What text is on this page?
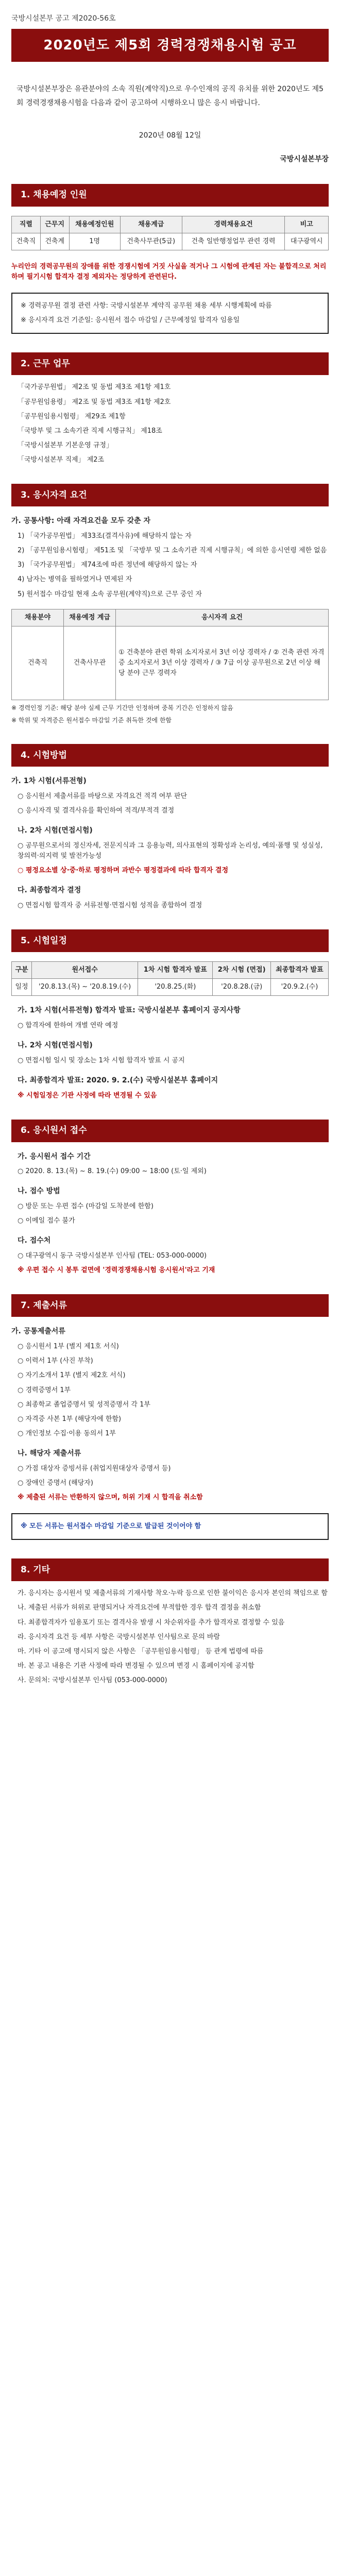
국방시설본부 공고 제2020-56호
2020년도 제5회 경력경쟁채용시험 공고
국방시설본부장은 유관분야의 소속 직원(계약직)으로 우수인재의 공직 유치를 위한 2020년도 제5회 경력경쟁채용시험을 다음과 같이 공고하여 시행하오니 많은 응시 바랍니다.
2020년 08월 12일
국방시설본부장
1. 채용예정 인원
직렬	근무지	채용예정인원	채용계급	경력채용요건	비고
건축직	건축계	1명	건축사무관(5급)	건축 일반행정업무 관련 경력	대구광역시
누리안의 경력공무원의 장애를 위한 경쟁시험에 거짓 사실을 적거나 그 시험에 관계된 자는 불합격으로 처리하며 필기시험 합격자 결정 제외자는 정당하게 관련된다.
※ 경력공무원 결정 관련 사항: 국방시설본부 계약직 공무원 채용 세부 시행계획에 따름
※ 응시자격 요건 기준일: 응시원서 접수 마감일 / 근무예정일 합격자 임용일
2. 근무 업무
「국가공무원법」 제2조 및 동법 제3조 제1항 제1호
「공무원임용령」 제2조 및 동법 제3조 제1항 제2호
「공무원임용시험령」 제29조 제1항
「국방부 및 그 소속기관 직제 시행규칙」 제18조
「국방시설본부 기본운영 규정」
「국방시설본부 직제」 제2조
3. 응시자격 요건
가. 공통사항: 아래 자격요건을 모두 갖춘 자
1) 「국가공무원법」 제33조(결격사유)에 해당하지 않는 자
2) 「공무원임용시험령」 제51조 및 「국방부 및 그 소속기관 직제 시행규칙」에 의한 응시연령 제한 없음
3) 「국가공무원법」 제74조에 따른 정년에 해당하지 않는 자
4) 남자는 병역을 필하였거나 면제된 자
5) 원서접수 마감일 현재 소속 공무원(계약직)으로 근무 중인 자
채용분야	채용예정 계급	응시자격 요건
건축직	건축사무관	① 건축분야 관련 학위 소지자로서 3년 이상 경력자 / ② 건축 관련 자격증 소지자로서 3년 이상 경력자 / ③ 7급 이상 공무원으로 2년 이상 해당 분야 근무 경력자
※ 경력인정 기준: 해당 분야 실제 근무 기간만 인정하며 중복 기간은 인정하지 않음
※ 학위 및 자격증은 원서접수 마감일 기준 취득한 것에 한함
4. 시험방법
가. 1차 시험(서류전형)
○ 응시원서 제출서류를 바탕으로 자격요건 적격 여부 판단
○ 응시자격 및 결격사유를 확인하여 적격/부적격 결정
나. 2차 시험(면접시험)
○ 공무원으로서의 정신자세, 전문지식과 그 응용능력, 의사표현의 정확성과 논리성, 예의·품행 및 성실성, 창의력·의지력 및 발전가능성
○ 평정요소별 상·중·하로 평정하며 과반수 평정결과에 따라 합격자 결정
다. 최종합격자 결정
○ 면접시험 합격자 중 서류전형·면접시험 성적을 종합하여 결정
5. 시험일정
구분	원서접수	1차 시험 합격자 발표	2차 시험 (면접)	최종합격자 발표
일정	'20.8.13.(목) ~ '20.8.19.(수)	'20.8.25.(화)	'20.8.28.(금)	'20.9.2.(수)
가. 1차 시험(서류전형) 합격자 발표: 국방시설본부 홈페이지 공지사항
○ 합격자에 한하여 개별 연락 예정
나. 2차 시험(면접시험)
○ 면접시험 일시 및 장소는 1차 시험 합격자 발표 시 공지
다. 최종합격자 발표: 2020. 9. 2.(수) 국방시설본부 홈페이지
※ 시험일정은 기관 사정에 따라 변경될 수 있음
6. 응시원서 접수
가. 응시원서 접수 기간
○ 2020. 8. 13.(목) ~ 8. 19.(수) 09:00 ~ 18:00 (토·일 제외)
나. 접수 방법
○ 방문 또는 우편 접수 (마감일 도착분에 한함)
○ 이메일 접수 불가
다. 접수처
○ 대구광역시 동구 국방시설본부 인사팀 (TEL: 053-000-0000)
※ 우편 접수 시 봉투 겉면에 '경력경쟁채용시험 응시원서'라고 기재
7. 제출서류
가. 공통제출서류
○ 응시원서 1부 (별지 제1호 서식)
○ 이력서 1부 (사진 부착)
○ 자기소개서 1부 (별지 제2호 서식)
○ 경력증명서 1부
○ 최종학교 졸업증명서 및 성적증명서 각 1부
○ 자격증 사본 1부 (해당자에 한함)
○ 개인정보 수집·이용 동의서 1부
나. 해당자 제출서류
○ 가점 대상자 증빙서류 (취업지원대상자 증명서 등)
○ 장애인 증명서 (해당자)
※ 제출된 서류는 반환하지 않으며, 허위 기재 시 합격을 취소함
※ 모든 서류는 원서접수 마감일 기준으로 발급된 것이어야 함
8. 기타
가. 응시자는 응시원서 및 제출서류의 기재사항 착오·누락 등으로 인한 불이익은 응시자 본인의 책임으로 함
나. 제출된 서류가 허위로 판명되거나 자격요건에 부적합한 경우 합격 결정을 취소함
다. 최종합격자가 임용포기 또는 결격사유 발생 시 차순위자를 추가 합격자로 결정할 수 있음
라. 응시자격 요건 등 세부 사항은 국방시설본부 인사팀으로 문의 바람
마. 기타 이 공고에 명시되지 않은 사항은 「공무원임용시험령」 등 관계 법령에 따름
바. 본 공고 내용은 기관 사정에 따라 변경될 수 있으며 변경 시 홈페이지에 공지함
사. 문의처: 국방시설본부 인사팀 (053-000-0000)
